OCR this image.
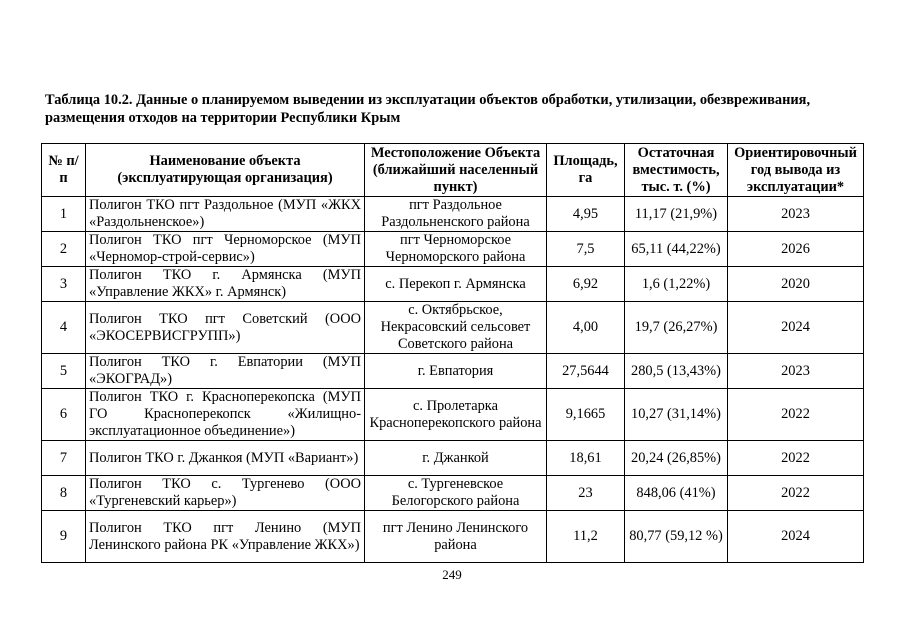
Таблица 10.2. Данные о планируемом выведении из эксплуатации объектов обработки, утилизации, обезвреживания, размещения отходов на территории Республики Крым
№ п/п	Наименование объекта (эксплуатирующая организация)	Местоположение Объекта (ближайший населенный пункт)	Площадь, га	Остаточная вместимость, тыс. т. (%)	Ориентировочный год вывода из эксплуатации*
1	Полигон ТКО пгт Раздольное (МУП «ЖКХ «Раздольненское»)	пгт Раздольное Раздольненского района	4,95	11,17 (21,9%)	2023
2	Полигон ТКО пгт Черноморское (МУП «Черномор-строй-сервис»)	пгт Черноморское Черноморского района	7,5	65,11 (44,22%)	2026
3	Полигон ТКО г. Армянска (МУП «Управление ЖКХ» г. Армянск)	с. Перекоп г. Армянска	6,92	1,6 (1,22%)	2020
4	Полигон ТКО пгт Советский (ООО «ЭКОСЕРВИСГРУПП»)	с. Октябрьское, Некрасовский сельсовет Советского района	4,00	19,7 (26,27%)	2024
5	Полигон ТКО г. Евпатории (МУП «ЭКОГРАД»)	г. Евпатория	27,5644	280,5 (13,43%)	2023
6	Полигон ТКО г. Красноперекопска (МУП ГО Красноперекопск «Жилищно-эксплуатационное объединение»)	с. Пролетарка Красноперекопского района	9,1665	10,27 (31,14%)	2022
7	Полигон ТКО г. Джанкоя (МУП «Вариант»)	г. Джанкой	18,61	20,24 (26,85%)	2022
8	Полигон ТКО с. Тургенево (ООО «Тургеневский карьер»)	с. Тургеневское Белогорского района	23	848,06 (41%)	2022
9	Полигон ТКО пгт Ленино (МУП Ленинского района РК «Управление ЖКХ»)	пгт Ленино Ленинского района	11,2	80,77 (59,12 %)	2024
249
